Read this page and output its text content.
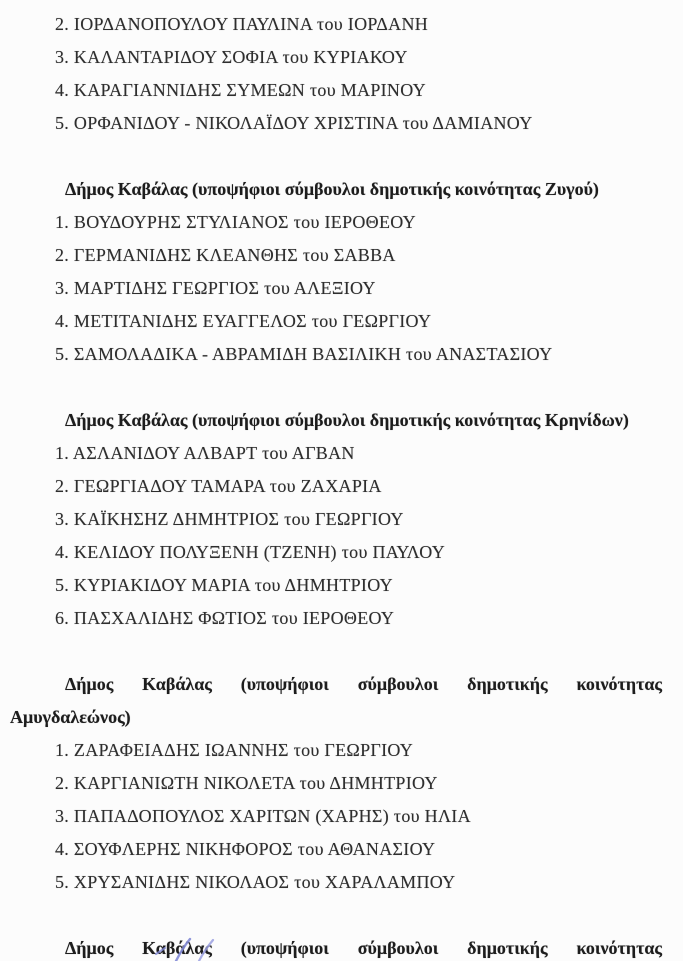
2. ΙΟΡΔΑΝΟΠΟΥΛΟΥ ΠΑΥΛΙΝΑ του ΙΟΡΔΑΝΗ
3. ΚΑΛΑΝΤΑΡΙΔΟΥ ΣΟΦΙΑ του ΚΥΡΙΑΚΟΥ
4. ΚΑΡΑΓΙΑΝΝΙΔΗΣ ΣΥΜΕΩΝ του ΜΑΡΙΝΟΥ
5. ΟΡΦΑΝΙΔΟΥ - ΝΙΚΟΛΑΪΔΟΥ ΧΡΙΣΤΙΝΑ του ΔΑΜΙΑΝΟΥ
Δήμος Καβάλας (υποψήφιοι σύμβουλοι δημοτικής κοινότητας Ζυγού)
1. ΒΟΥΔΟΥΡΗΣ ΣΤΥΛΙΑΝΟΣ του ΙΕΡΟΘΕΟΥ
2. ΓΕΡΜΑΝΙΔΗΣ ΚΛΕΑΝΘΗΣ του ΣΑΒΒΑ
3. ΜΑΡΤΙΔΗΣ ΓΕΩΡΓΙΟΣ του ΑΛΕΞΙΟΥ
4. ΜΕΤΙΤΑΝΙΔΗΣ ΕΥΑΓΓΕΛΟΣ του ΓΕΩΡΓΙΟΥ
5. ΣΑΜΟΛΑΔΙΚΑ - ΑΒΡΑΜΙΔΗ ΒΑΣΙΛΙΚΗ του ΑΝΑΣΤΑΣΙΟΥ
Δήμος Καβάλας (υποψήφιοι σύμβουλοι δημοτικής κοινότητας Κρηνίδων)
1. ΑΣΛΑΝΙΔΟΥ ΑΛΒΑΡΤ του ΑΓΒΑΝ
2. ΓΕΩΡΓΙΑΔΟΥ ΤΑΜΑΡΑ του ΖΑΧΑΡΙΑ
3. ΚΑΪΚΗΣΗΖ ΔΗΜΗΤΡΙΟΣ του ΓΕΩΡΓΙΟΥ
4. ΚΕΛΙΔΟΥ ΠΟΛΥΞΕΝΗ (ΤΖΕΝΗ) του ΠΑΥΛΟΥ
5. ΚΥΡΙΑΚΙΔΟΥ ΜΑΡΙΑ του ΔΗΜΗΤΡΙΟΥ
6. ΠΑΣΧΑΛΙΔΗΣ ΦΩΤΙΟΣ του ΙΕΡΟΘΕΟΥ
Δήμος Καβάλας (υποψήφιοι σύμβουλοι δημοτικής κοινότητας
Αμυγδαλεώνος)
1. ΖΑΡΑΦΕΙΑΔΗΣ ΙΩΑΝΝΗΣ του ΓΕΩΡΓΙΟΥ
2. ΚΑΡΓΙΑΝΙΩΤΗ ΝΙΚΟΛΕΤΑ του ΔΗΜΗΤΡΙΟΥ
3. ΠΑΠΑΔΟΠΟΥΛΟΣ ΧΑΡΙΤΩΝ (ΧΑΡΗΣ) του ΗΛΙΑ
4. ΣΟΥΦΛΕΡΗΣ ΝΙΚΗΦΟΡΟΣ του ΑΘΑΝΑΣΙΟΥ
5. ΧΡΥΣΑΝΙΔΗΣ ΝΙΚΟΛΑΟΣ του ΧΑΡΑΛΑΜΠΟΥ
Δήμος Καβάλας (υποψήφιοι σύμβουλοι δημοτικής κοινότητας
